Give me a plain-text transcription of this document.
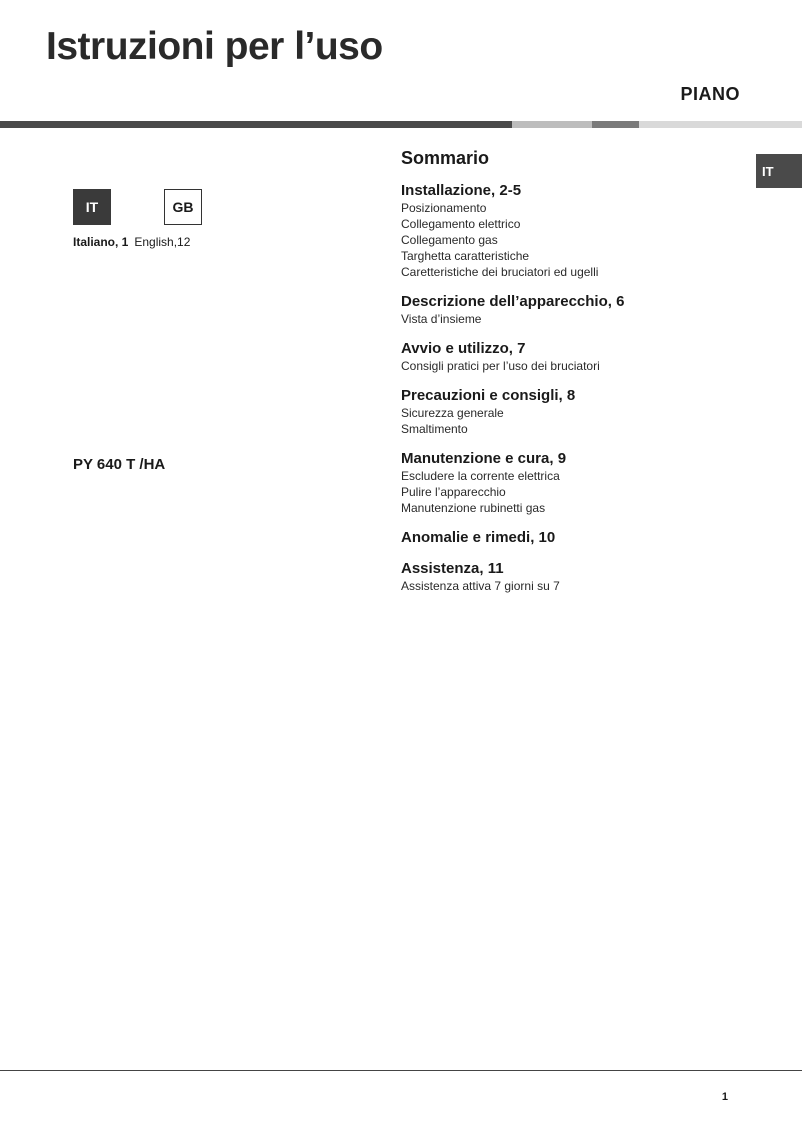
Istruzioni per l’uso
PIANO
IT
IT	GB
Italiano, 1 English,12
PY 640 T /HA
Sommario
Installazione, 2-5
Posizionamento
Collegamento elettrico
Collegamento gas
Targhetta caratteristiche
Caretteristiche dei bruciatori ed ugelli
Descrizione dell’apparecchio, 6
Vista d’insieme
Avvio e utilizzo, 7
Consigli pratici per l’uso dei bruciatori
Precauzioni e consigli, 8
Sicurezza generale
Smaltimento
Manutenzione e cura, 9
Escludere la corrente elettrica
Pulire l’apparecchio
Manutenzione rubinetti gas
Anomalie e rimedi, 10
Assistenza, 11
Assistenza attiva 7 giorni su 7
1
